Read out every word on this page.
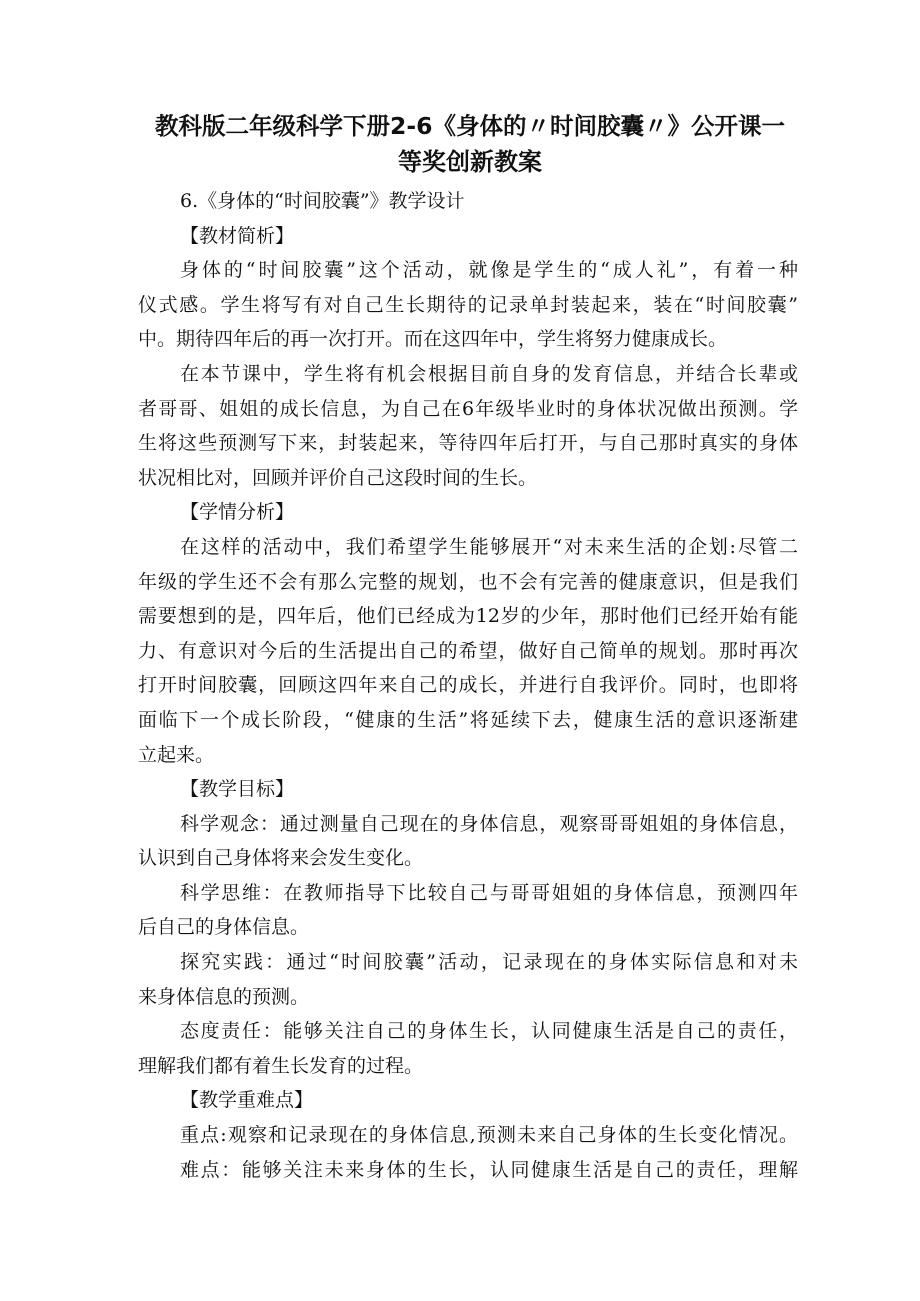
教科版二年级科学下册2-6《身体的〃时间胶囊〃》公开课一
等奖创新教案
6.《身体的“时间胶囊”》教学设计
【教材简析】
身体的“时间胶囊”这个活动，就像是学生的“成人礼”，有着一种
仪式感。学生将写有对自己生长期待的记录单封装起来，装在“时间胶囊”
中。期待四年后的再一次打开。而在这四年中，学生将努力健康成长。
在本节课中，学生将有机会根据目前自身的发育信息，并结合长辈或
者哥哥、姐姐的成长信息，为自己在6年级毕业时的身体状况做出预测。学
生将这些预测写下来，封装起来，等待四年后打开，与自己那时真实的身体
状况相比对，回顾并评价自己这段时间的生长。
【学情分析】
在这样的活动中，我们希望学生能够展开“对未来生活的企划:尽管二
年级的学生还不会有那么完整的规划，也不会有完善的健康意识，但是我们
需要想到的是，四年后，他们已经成为12岁的少年，那时他们已经开始有能
力、有意识对今后的生活提出自己的希望，做好自己简单的规划。那时再次
打开时间胶囊，回顾这四年来自己的成长，并进行自我评价。同时，也即将
面临下一个成长阶段，“健康的生活”将延续下去，健康生活的意识逐渐建
立起来。
【教学目标】
科学观念：通过测量自己现在的身体信息，观察哥哥姐姐的身体信息，
认识到自己身体将来会发生变化。
科学思维：在教师指导下比较自己与哥哥姐姐的身体信息，预测四年
后自己的身体信息。
探究实践：通过“时间胶囊”活动，记录现在的身体实际信息和对未
来身体信息的预测。
态度责任：能够关注自己的身体生长，认同健康生活是自己的责任，
理解我们都有着生长发育的过程。
【教学重难点】
重点:观察和记录现在的身体信息,预测未来自己身体的生长变化情况。
难点：能够关注未来身体的生长，认同健康生活是自己的责任，理解
